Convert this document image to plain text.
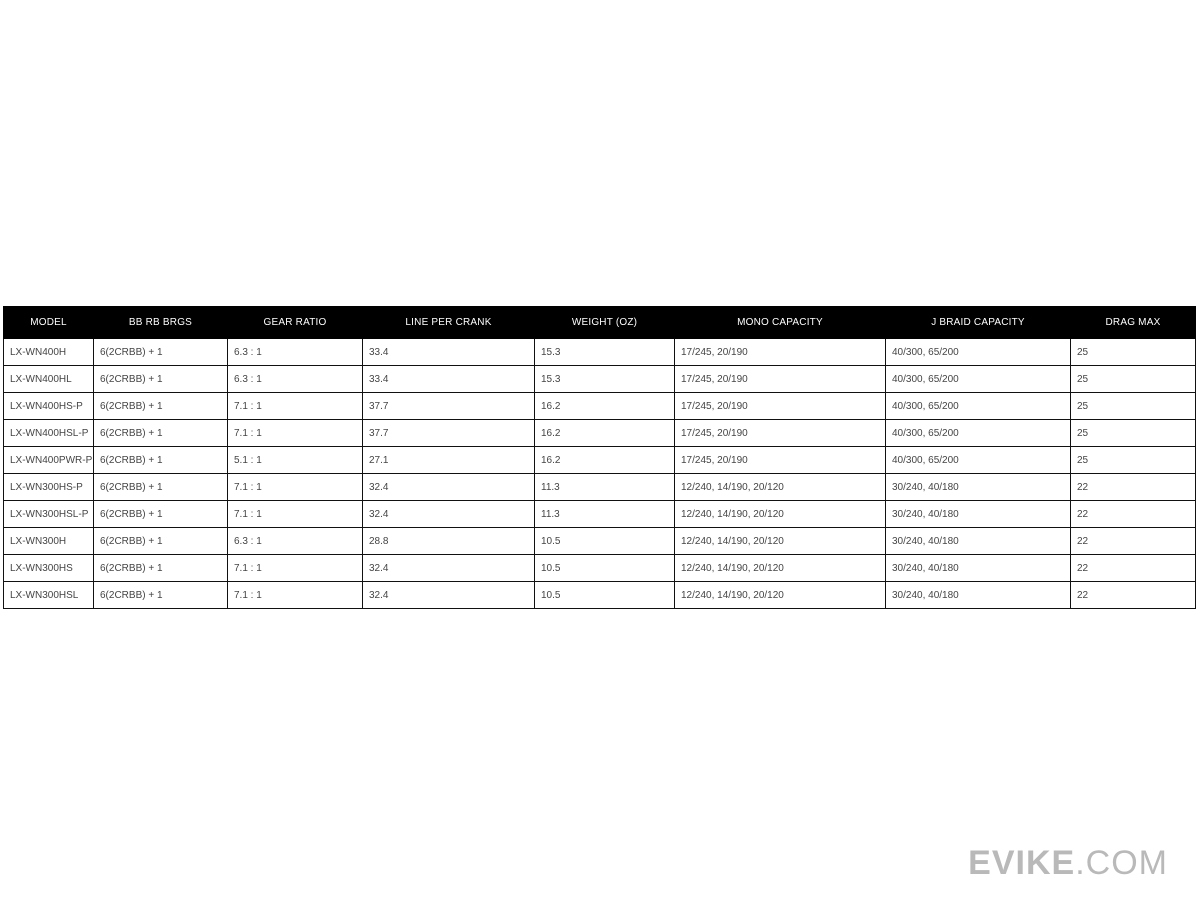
MODEL	BB RB BRGS	GEAR RATIO	LINE PER CRANK	WEIGHT (OZ)	MONO CAPACITY	J BRAID CAPACITY	DRAG MAX
LX-WN400H	6(2CRBB) + 1	6.3 : 1	33.4	15.3	17/245, 20/190	40/300, 65/200	25
LX-WN400HL	6(2CRBB) + 1	6.3 : 1	33.4	15.3	17/245, 20/190	40/300, 65/200	25
LX-WN400HS-P	6(2CRBB) + 1	7.1 : 1	37.7	16.2	17/245, 20/190	40/300, 65/200	25
LX-WN400HSL-P	6(2CRBB) + 1	7.1 : 1	37.7	16.2	17/245, 20/190	40/300, 65/200	25
LX-WN400PWR-P	6(2CRBB) + 1	5.1 : 1	27.1	16.2	17/245, 20/190	40/300, 65/200	25
LX-WN300HS-P	6(2CRBB) + 1	7.1 : 1	32.4	11.3	12/240, 14/190, 20/120	30/240, 40/180	22
LX-WN300HSL-P	6(2CRBB) + 1	7.1 : 1	32.4	11.3	12/240, 14/190, 20/120	30/240, 40/180	22
LX-WN300H	6(2CRBB) + 1	6.3 : 1	28.8	10.5	12/240, 14/190, 20/120	30/240, 40/180	22
LX-WN300HS	6(2CRBB) + 1	7.1 : 1	32.4	10.5	12/240, 14/190, 20/120	30/240, 40/180	22
LX-WN300HSL	6(2CRBB) + 1	7.1 : 1	32.4	10.5	12/240, 14/190, 20/120	30/240, 40/180	22
EVIKE.COM
